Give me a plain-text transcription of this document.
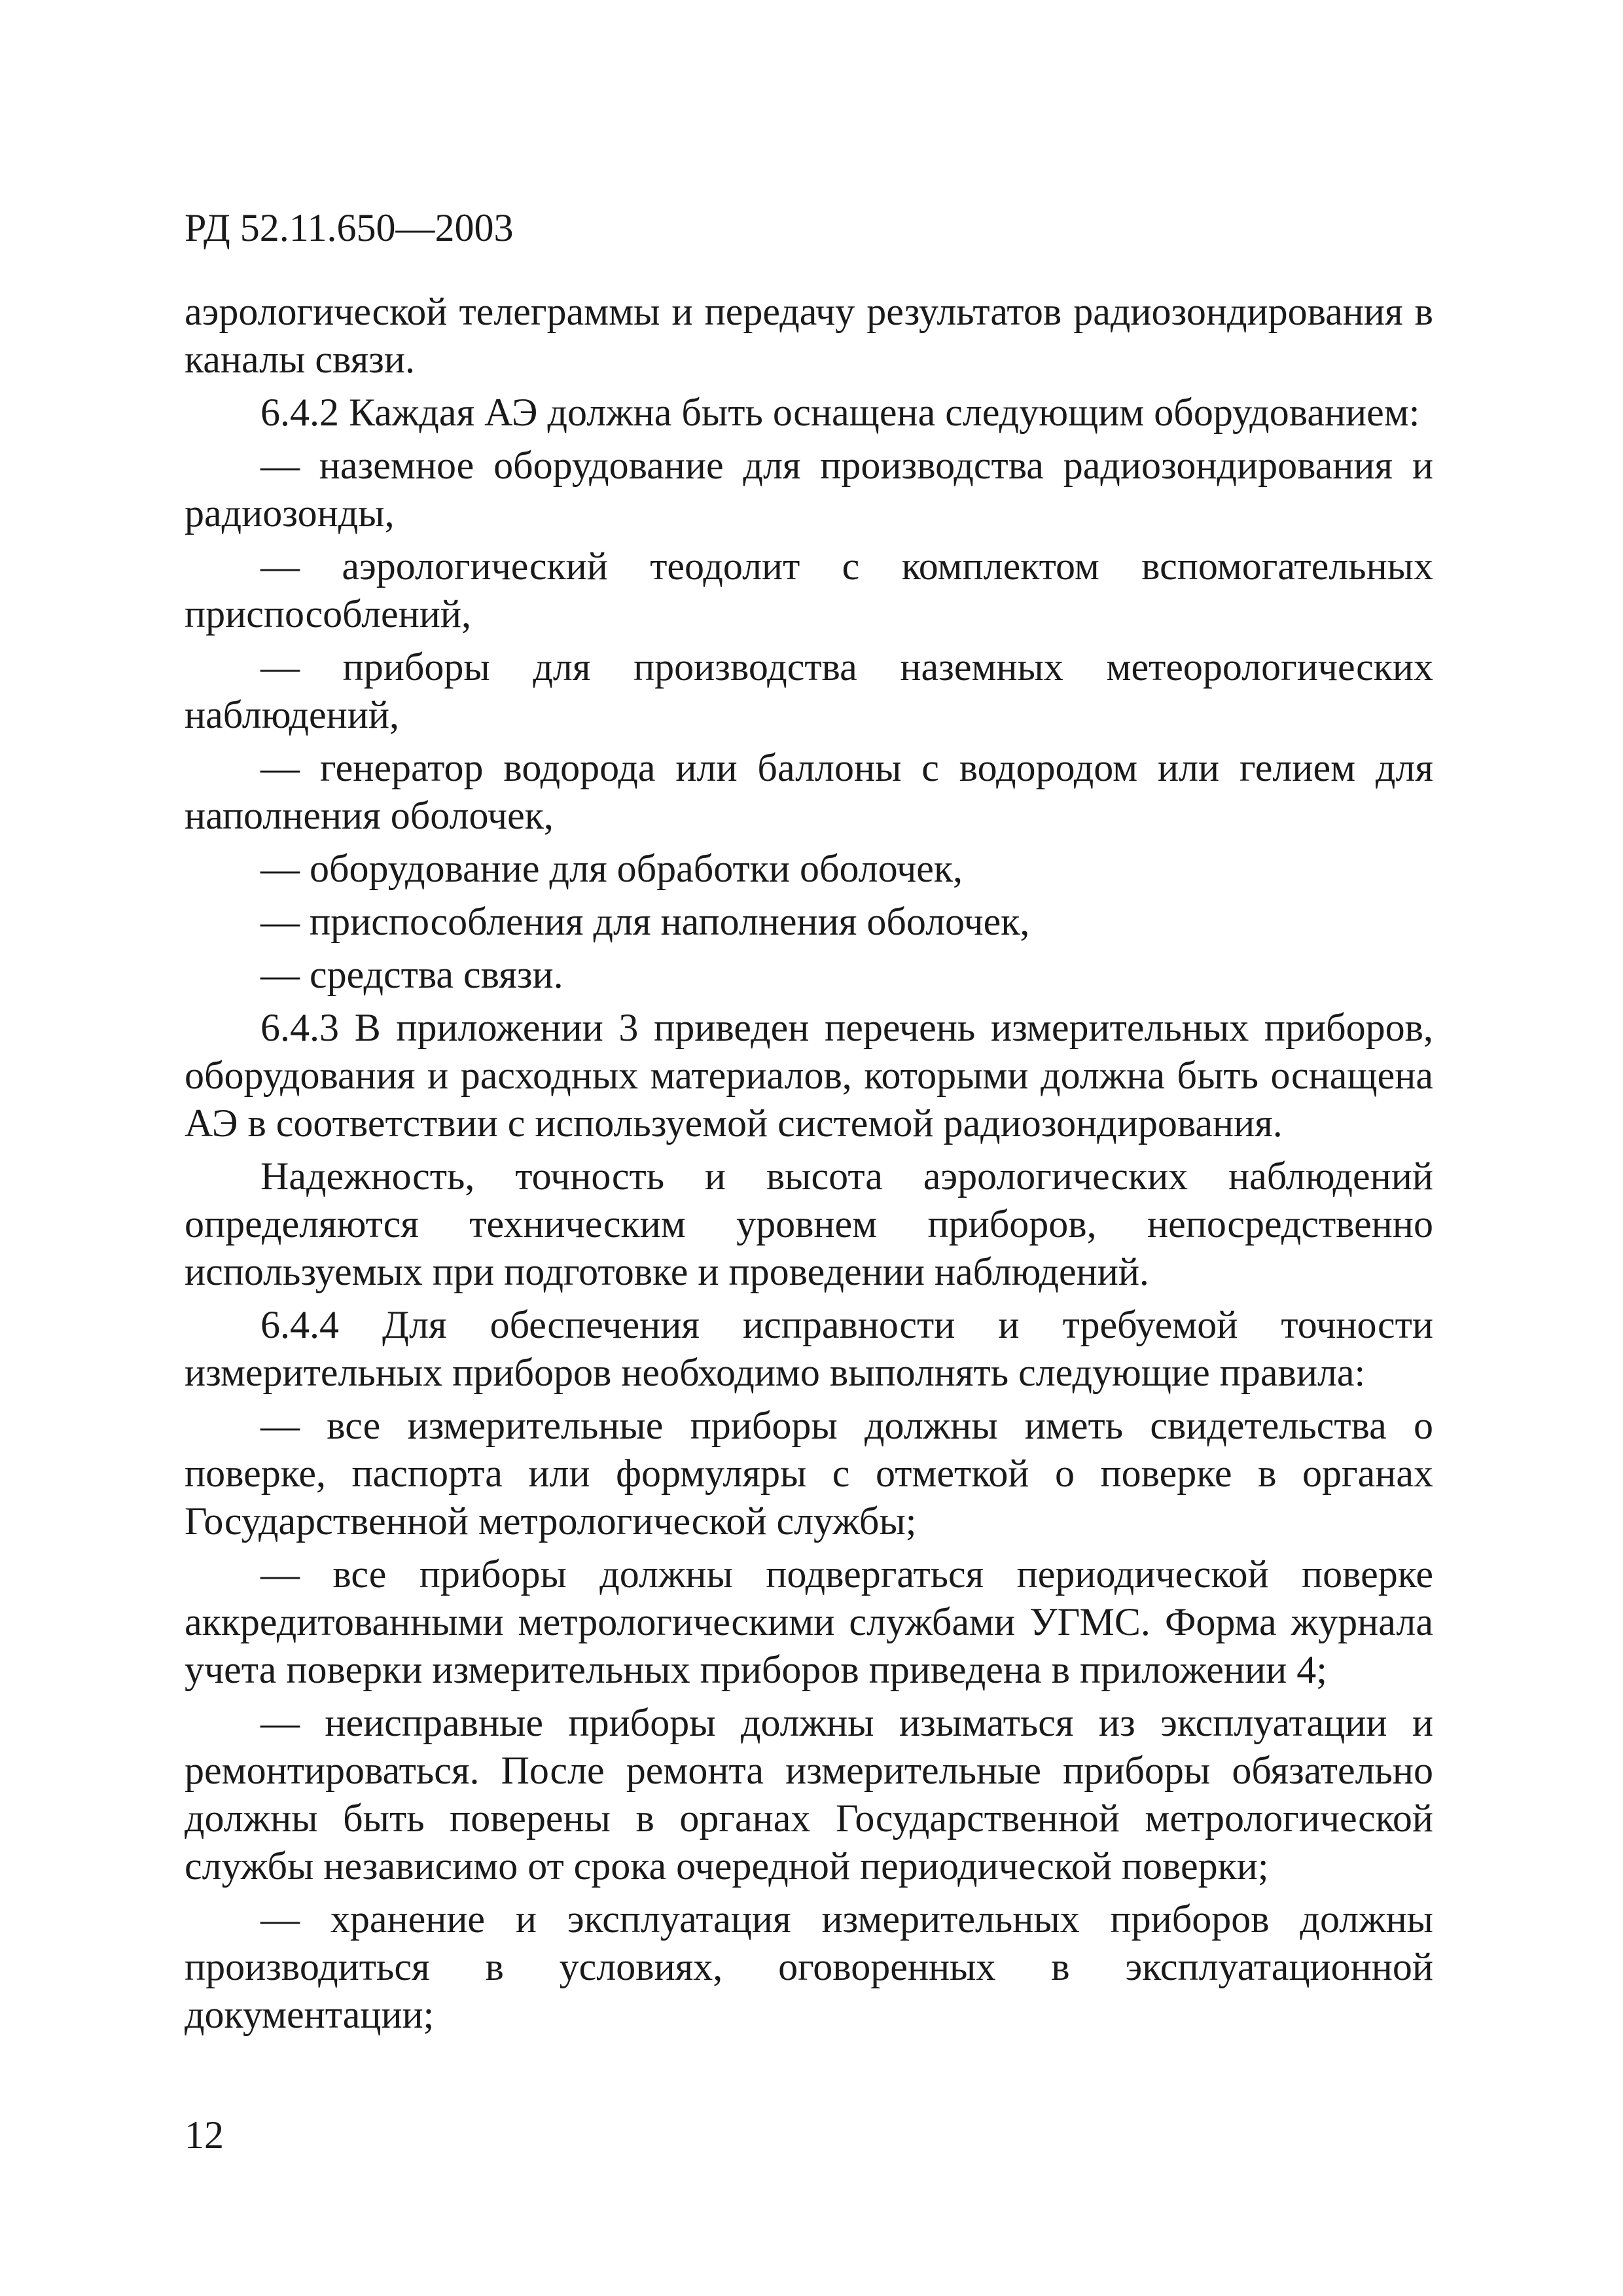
РД 52.11.650—2003

аэрологической телеграммы и передачу результатов радиозондирования в каналы связи.

6.4.2 Каждая АЭ должна быть оснащена следующим оборудованием:

— наземное оборудование для производства радиозондирования и радиозонды,

— аэрологический теодолит с комплектом вспомогательных приспособлений,

— приборы для производства наземных метеорологических наблюдений,

— генератор водорода или баллоны с водородом или гелием для наполнения оболочек,

— оборудование для обработки оболочек,

— приспособления для наполнения оболочек,

— средства связи.

6.4.3 В приложении 3 приведен перечень измерительных приборов, оборудования и расходных материалов, которыми должна быть оснащена АЭ в соответствии с используемой системой радиозондирования.

Надежность, точность и высота аэрологических наблюдений определяются техническим уровнем приборов, непосредственно используемых при подготовке и проведении наблюдений.

6.4.4 Для обеспечения исправности и требуемой точности измерительных приборов необходимо выполнять следующие правила:

— все измерительные приборы должны иметь свидетельства о поверке, паспорта или формуляры с отметкой о поверке в органах Государственной метрологической службы;

— все приборы должны подвергаться периодической поверке аккредитованными метрологическими службами УГМС. Форма журнала учета поверки измерительных приборов приведена в приложении 4;

— неисправные приборы должны изыматься из эксплуатации и ремонтироваться. После ремонта измерительные приборы обязательно должны быть поверены в органах Государственной метрологической службы независимо от срока очередной периодической поверки;

— хранение и эксплуатация измерительных приборов должны производиться в условиях, оговоренных в эксплуатационной документации;

12
